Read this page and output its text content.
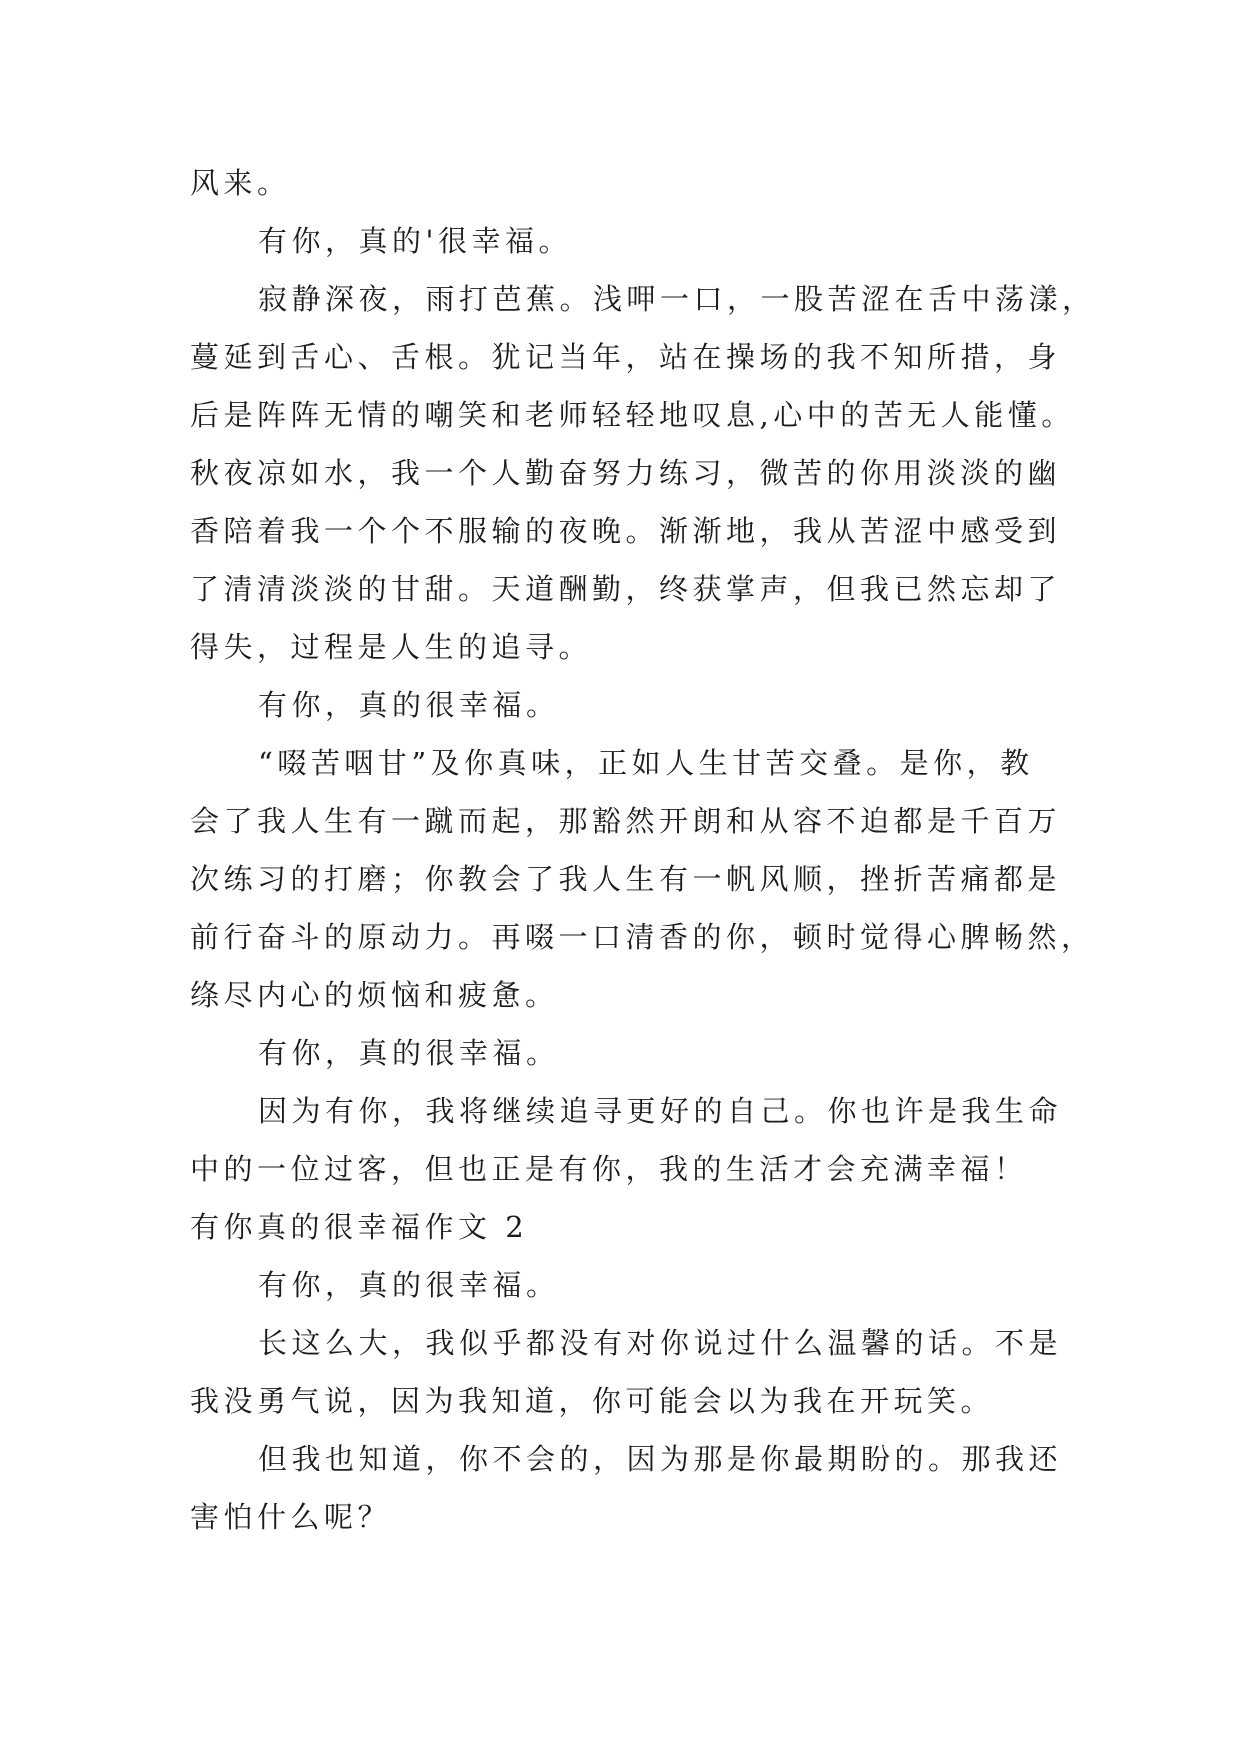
风来。
有你，真的'很幸福。
寂静深夜，雨打芭蕉。浅呷一口，一股苦涩在舌中荡漾，
蔓延到舌心、舌根。犹记当年，站在操场的我不知所措，身
后是阵阵无情的嘲笑和老师轻轻地叹息,心中的苦无人能懂。
秋夜凉如水，我一个人勤奋努力练习，微苦的你用淡淡的幽
香陪着我一个个不服输的夜晚。渐渐地，我从苦涩中感受到
了清清淡淡的甘甜。天道酬勤，终获掌声，但我已然忘却了
得失，过程是人生的追寻。
有你，真的很幸福。
“啜苦咽甘”及你真味，正如人生甘苦交叠。是你，教
会了我人生有一蹴而起，那豁然开朗和从容不迫都是千百万
次练习的打磨；你教会了我人生有一帆风顺，挫折苦痛都是
前行奋斗的原动力。再啜一口清香的你，顿时觉得心脾畅然，
绦尽内心的烦恼和疲惫。
有你，真的很幸福。
因为有你，我将继续追寻更好的自己。你也许是我生命
中的一位过客，但也正是有你，我的生活才会充满幸福！
有你真的很幸福作文 2
有你，真的很幸福。
长这么大，我似乎都没有对你说过什么温馨的话。不是
我没勇气说，因为我知道，你可能会以为我在开玩笑。
但我也知道，你不会的，因为那是你最期盼的。那我还
害怕什么呢？
